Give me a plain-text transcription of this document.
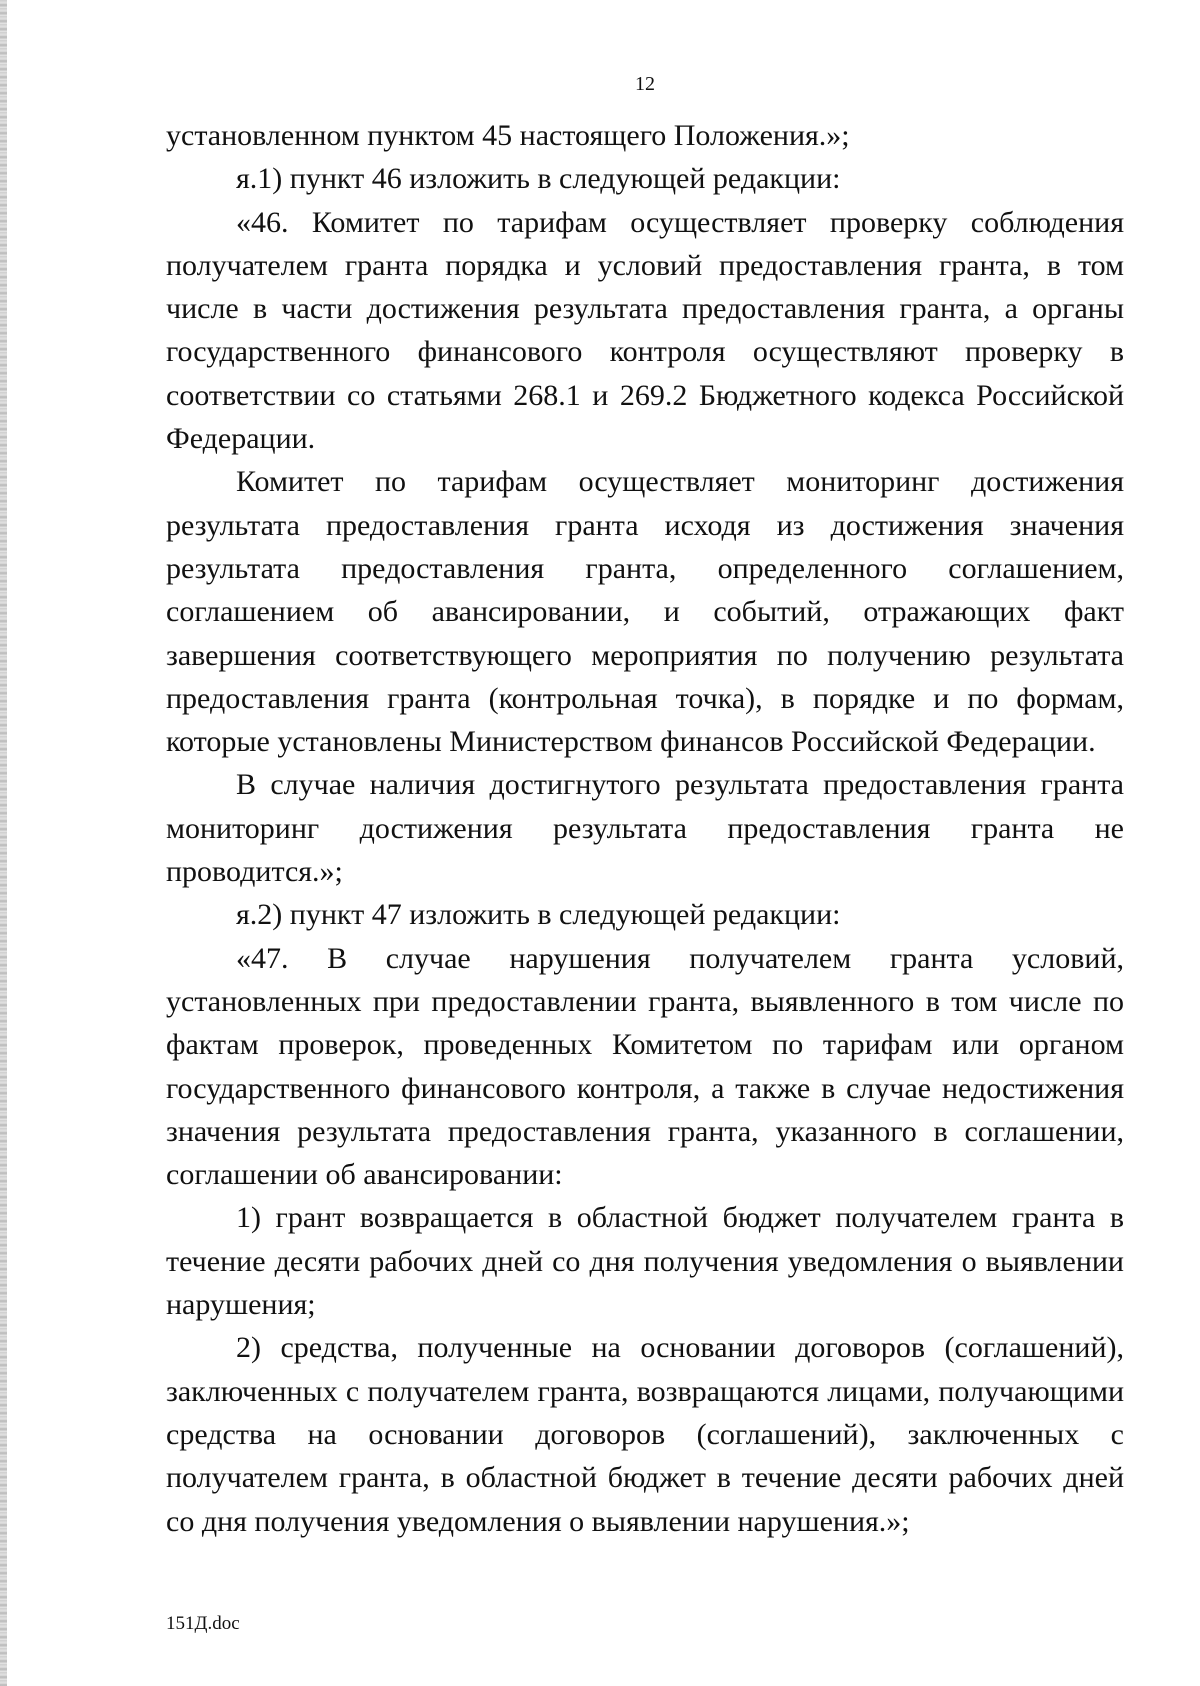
12

установленном пунктом 45 настоящего Положения.»;

я.1) пункт 46 изложить в следующей редакции:

«46. Комитет по тарифам осуществляет проверку соблюдения получателем гранта порядка и условий предоставления гранта, в том числе в части достижения результата предоставления гранта, а органы государственного финансового контроля осуществляют проверку в соответствии со статьями 268.1 и 269.2 Бюджетного кодекса Российской Федерации.

Комитет по тарифам осуществляет мониторинг достижения результата предоставления гранта исходя из достижения значения результата предоставления гранта, определенного соглашением, соглашением об авансировании, и событий, отражающих факт завершения соответствующего мероприятия по получению результата предоставления гранта (контрольная точка), в порядке и по формам, которые установлены Министерством финансов Российской Федерации.

В случае наличия достигнутого результата предоставления гранта мониторинг достижения результата предоставления гранта не проводится.»;

я.2) пункт 47 изложить в следующей редакции:

«47. В случае нарушения получателем гранта условий, установленных при предоставлении гранта, выявленного в том числе по фактам проверок, проведенных Комитетом по тарифам или органом государственного финансового контроля, а также в случае недостижения значения результата предоставления гранта, указанного в соглашении, соглашении об авансировании:

1) грант возвращается в областной бюджет получателем гранта в течение десяти рабочих дней со дня получения уведомления о выявлении нарушения;

2) средства, полученные на основании договоров (соглашений), заключенных с получателем гранта, возвращаются лицами, получающими средства на основании договоров (соглашений), заключенных с получателем гранта, в областной бюджет в течение десяти рабочих дней со дня получения уведомления о выявлении нарушения.»;

151Д.doc
